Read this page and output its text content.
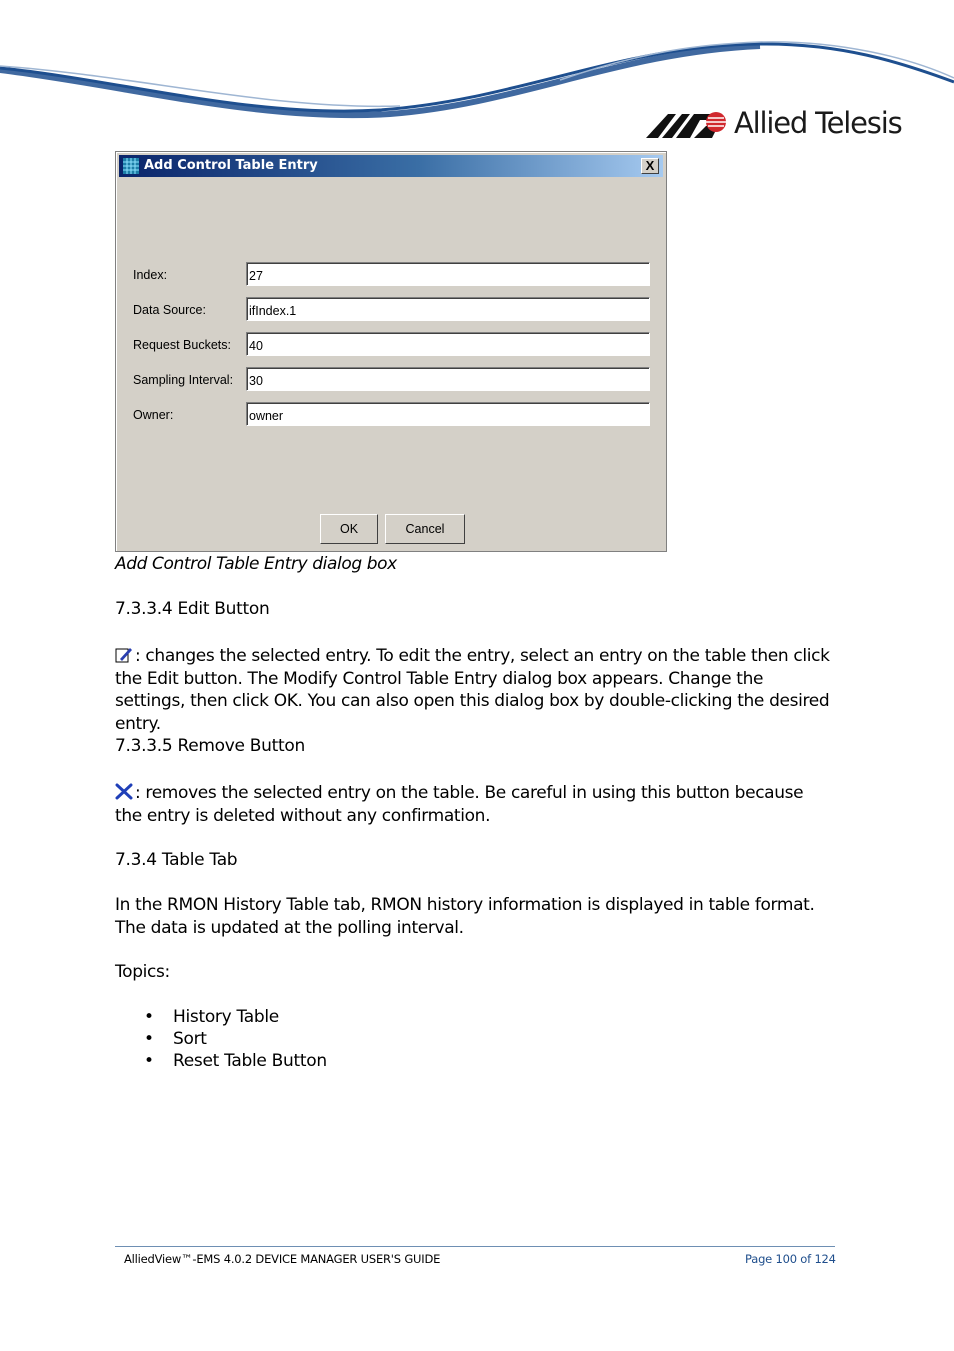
Allied Telesis
Add Control Table Entry	X
Index:
27
Data Source:
ifIndex.1
Request Buckets:
40
Sampling Interval:
30
Owner:
owner
OK	Cancel
Add Control Table Entry dialog box
7.3.3.4 Edit Button
: changes the selected entry. To edit the entry, select an entry on the table then click the Edit button. The Modify Control Table Entry dialog box appears. Change the settings, then click OK. You can also open this dialog box by double-clicking the desired entry.
7.3.3.5 Remove Button
: removes the selected entry on the table. Be careful in using this button because the entry is deleted without any confirmation.
7.3.4 Table Tab
In the RMON History Table tab, RMON history information is displayed in table format. The data is updated at the polling interval.
Topics:
• History Table
• Sort
• Reset Table Button
AlliedView™-EMS 4.0.2 DEVICE MANAGER USER'S GUIDE	Page 100 of 124
